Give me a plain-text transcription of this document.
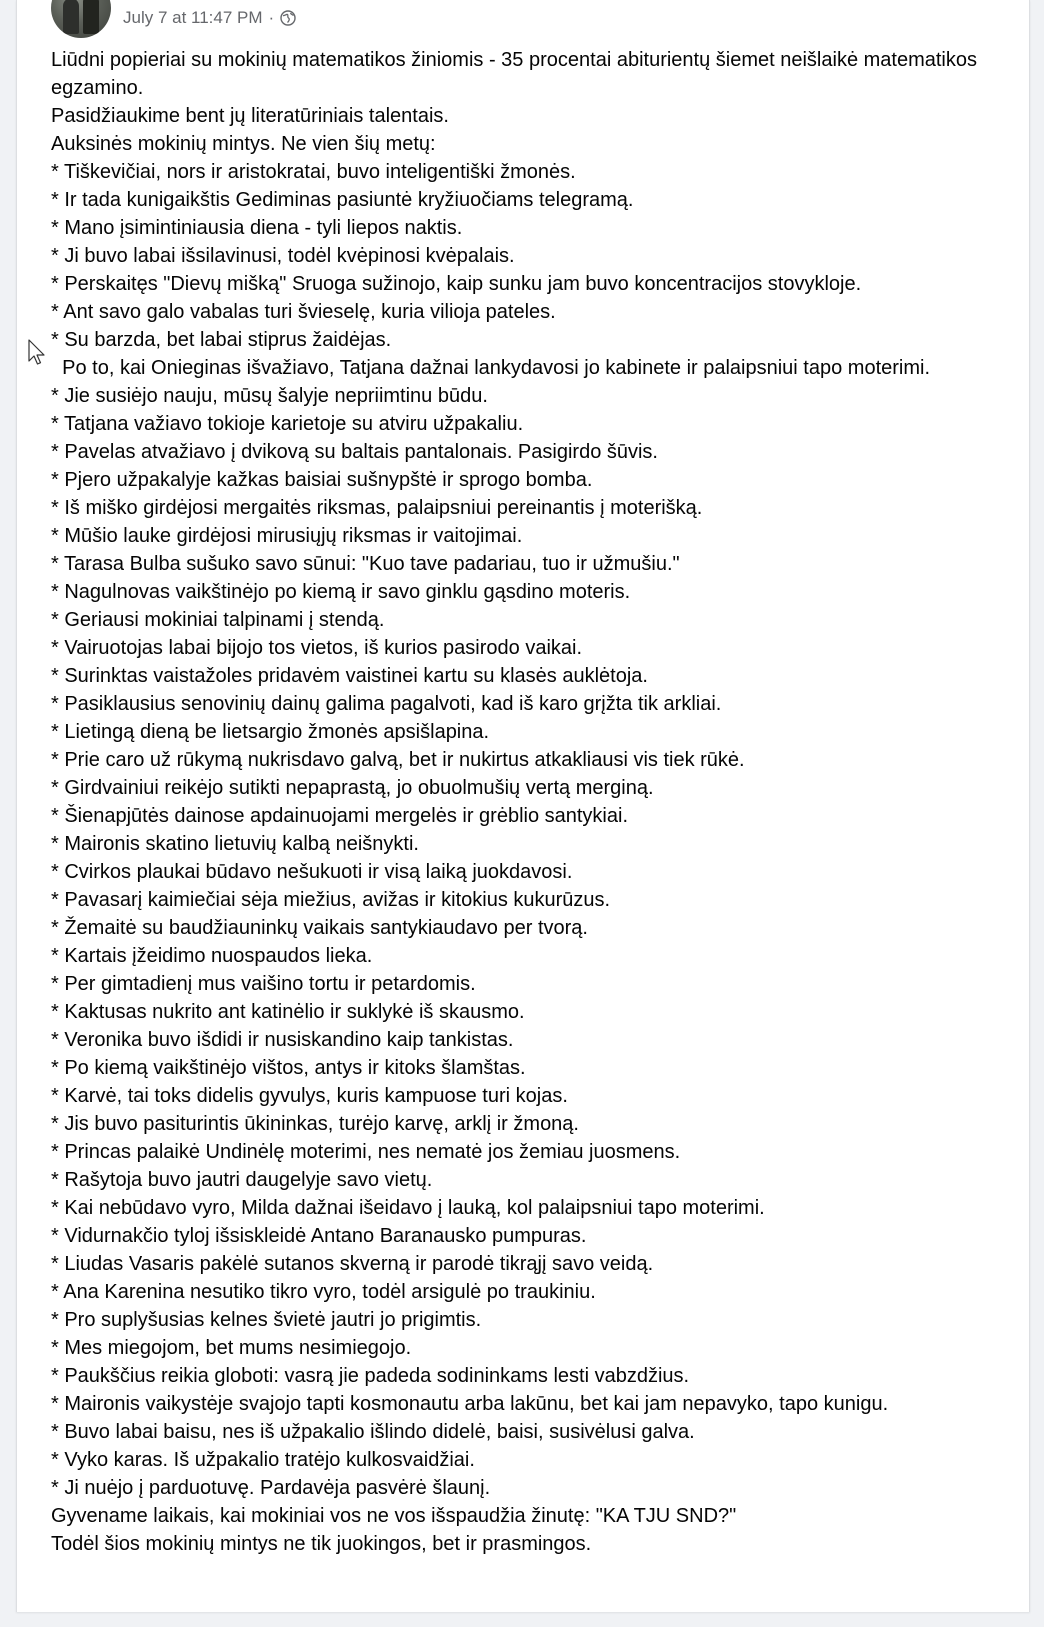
July 7 at 11:47 PM ·

Liūdni popieriai su mokinių matematikos žiniomis - 35 procentai abiturientų šiemet neišlaikė matematikos egzamino.

Pasidžiaukime bent jų literatūriniais talentais.

Auksinės mokinių mintys. Ne vien šių metų:

* Tiškevičiai, nors ir aristokratai, buvo inteligentiški žmonės.

* Ir tada kunigaikštis Gediminas pasiuntė kryžiuočiams telegramą.

* Mano įsimintiniausia diena - tyli liepos naktis.

* Ji buvo labai išsilavinusi, todėl kvėpinosi kvėpalais.

* Perskaitęs "Dievų mišką" Sruoga sužinojo, kaip sunku jam buvo koncentracijos stovykloje.

* Ant savo galo vabalas turi švieselę, kuria vilioja pateles.

* Su barzda, bet labai stiprus žaidėjas.

Po to, kai Onieginas išvažiavo, Tatjana dažnai lankydavosi jo kabinete ir palaipsniui tapo moterimi.

* Jie susiėjo nauju, mūsų šalyje nepriimtinu būdu.

* Tatjana važiavo tokioje karietoje su atviru užpakaliu.

* Pavelas atvažiavo į dvikovą su baltais pantalonais. Pasigirdo šūvis.

* Pjero užpakalyje kažkas baisiai sušnypštė ir sprogo bomba.

* Iš miško girdėjosi mergaitės riksmas, palaipsniui pereinantis į moterišką.

* Mūšio lauke girdėjosi mirusiųjų riksmas ir vaitojimai.

* Tarasa Bulba sušuko savo sūnui: "Kuo tave padariau, tuo ir užmušiu."

* Nagulnovas vaikštinėjo po kiemą ir savo ginklu gąsdino moteris.

* Geriausi mokiniai talpinami į stendą.

* Vairuotojas labai bijojo tos vietos, iš kurios pasirodo vaikai.

* Surinktas vaistažoles pridavėm vaistinei kartu su klasės auklėtoja.

* Pasiklausius senovinių dainų galima pagalvoti, kad iš karo grįžta tik arkliai.

* Lietingą dieną be lietsargio žmonės apsišlapina.

* Prie caro už rūkymą nukrisdavo galvą, bet ir nukirtus atkakliausi vis tiek rūkė.

* Girdvainiui reikėjo sutikti nepaprastą, jo obuolmušių vertą merginą.

* Šienapjūtės dainose apdainuojami mergelės ir grėblio santykiai.

* Maironis skatino lietuvių kalbą neišnykti.

* Cvirkos plaukai būdavo nešukuoti ir visą laiką juokdavosi.

* Pavasarį kaimiečiai sėja miežius, avižas ir kitokius kukurūzus.

* Žemaitė su baudžiauninkų vaikais santykiaudavo per tvorą.

* Kartais įžeidimo nuospaudos lieka.

* Per gimtadienį mus vaišino tortu ir petardomis.

* Kaktusas nukrito ant katinėlio ir suklykė iš skausmo.

* Veronika buvo išdidi ir nusiskandino kaip tankistas.

* Po kiemą vaikštinėjo vištos, antys ir kitoks šlamštas.

* Karvė, tai toks didelis gyvulys, kuris kampuose turi kojas.

* Jis buvo pasiturintis ūkininkas, turėjo karvę, arklį ir žmoną.

* Princas palaikė Undinėlę moterimi, nes nematė jos žemiau juosmens.

* Rašytoja buvo jautri daugelyje savo vietų.

* Kai nebūdavo vyro, Milda dažnai išeidavo į lauką, kol palaipsniui tapo moterimi.

* Vidurnakčio tyloj išsiskleidė Antano Baranausko pumpuras.

* Liudas Vasaris pakėlė sutanos skverną ir parodė tikrąjį savo veidą.

* Ana Karenina nesutiko tikro vyro, todėl arsigulė po traukiniu.

* Pro suplyšusias kelnes švietė jautri jo prigimtis.

* Mes miegojom, bet mums nesimiegojo.

* Paukščius reikia globoti: vasrą jie padeda sodininkams lesti vabzdžius.

* Maironis vaikystėje svajojo tapti kosmonautu arba lakūnu, bet kai jam nepavyko, tapo kunigu.

* Buvo labai baisu, nes iš užpakalio išlindo didelė, baisi, susivėlusi galva.

* Vyko karas. Iš užpakalio tratėjo kulkosvaidžiai.

* Ji nuėjo į parduotuvę. Pardavėja pasvėrė šlaunį.

Gyvename laikais, kai mokiniai vos ne vos išspaudžia žinutę: "KA TJU SND?"

Todėl šios mokinių mintys ne tik juokingos, bet ir prasmingos.
